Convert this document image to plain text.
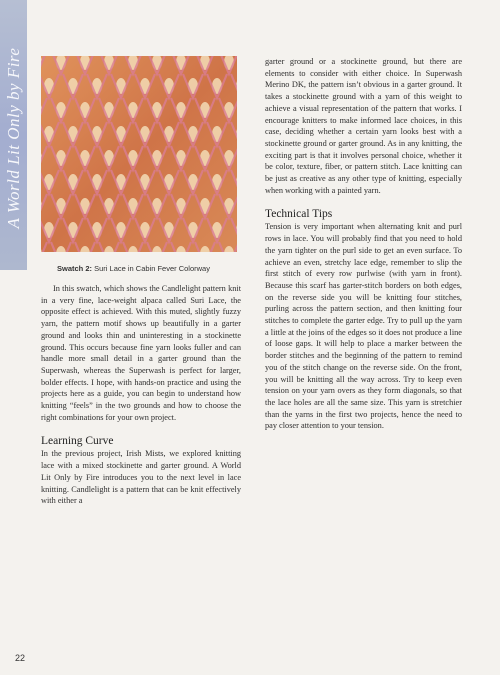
A World Lit Only by Fire
Swatch 2: Suri Lace in Cabin Fever Colorway

In this swatch, which shows the Candlelight pattern knit in a very fine, lace-weight alpaca called Suri Lace, the opposite effect is achieved. With this muted, slightly fuzzy yarn, the pattern motif shows up beautifully in a garter ground and looks thin and uninteresting in a stockinette ground. This occurs because fine yarn looks fuller and can handle more small detail in a garter ground than the Superwash, whereas the Superwash is perfect for larger, bolder effects. I hope, with hands-on practice and using the projects here as a guide, you can begin to understand how knitting “feels” in the two grounds and how to choose the right combinations for your own project.

Learning Curve

In the previous project, Irish Mists, we explored knitting lace with a mixed stockinette and garter ground. A World Lit Only by Fire introduces you to the next level in lace knitting. Candlelight is a pattern that can be knit effectively with either a

garter ground or a stockinette ground, but there are elements to consider with either choice. In Superwash Merino DK, the pattern isn’t obvious in a garter ground. It takes a stockinette ground with a yarn of this weight to achieve a visual representation of the pattern that works. I encourage knitters to make informed lace choices, in this case, deciding whether a certain yarn looks best with a stockinette ground or garter ground. As in any knitting, the exciting part is that it involves personal choice, whether it be color, texture, fiber, or pattern stitch. Lace knitting can be just as creative as any other type of knitting, especially when working with a painted yarn.

Technical Tips

Tension is very important when alternating knit and purl rows in lace. You will probably find that you need to hold the yarn tighter on the purl side to get an even surface. To achieve an even, stretchy lace edge, remember to slip the first stitch of every row purlwise (with yarn in front). Because this scarf has garter-stitch borders on both edges, on the reverse side you will be knitting four stitches, purling across the pattern section, and then knitting four stitches to complete the garter edge. Try to pull up the yarn a little at the joins of the edges so it does not produce a line of loose gaps. It will help to place a marker between the border stitches and the beginning of the pattern to remind you of the stitch change on the reverse side. On the front, you will be knitting all the way across. Try to keep even tension on your yarn overs as they form diagonals, so that the lace holes are all the same size. This yarn is stretchier than the yarns in the first two projects, hence the need to pay closer attention to your tension.

22
